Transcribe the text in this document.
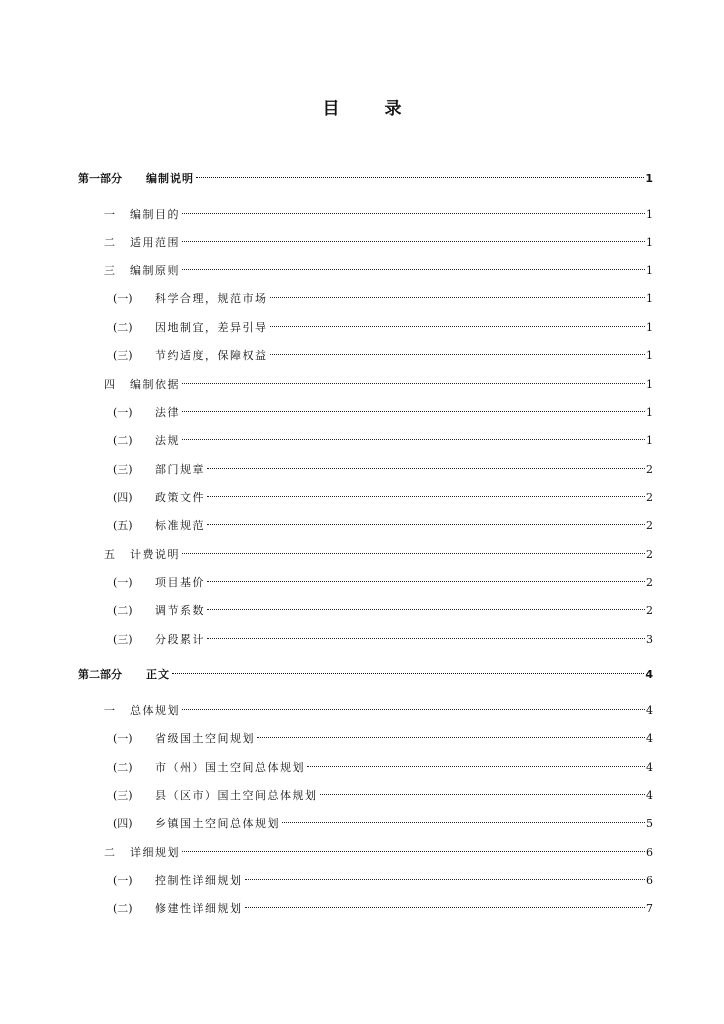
目　录
第一部分	编制说明	1
一	编制目的	1
二	适用范围	1
三	编制原则	1
(一)	科学合理，规范市场	1
(二)	因地制宜，差异引导	1
(三)	节约适度，保障权益	1
四	编制依据	1
(一)	法律	1
(二)	法规	1
(三)	部门规章	2
(四)	政策文件	2
(五)	标准规范	2
五	计费说明	2
(一)	项目基价	2
(二)	调节系数	2
(三)	分段累计	3
第二部分	正文	4
一	总体规划	4
(一)	省级国土空间规划	4
(二)	市（州）国土空间总体规划	4
(三)	县（区市）国土空间总体规划	4
(四)	乡镇国土空间总体规划	5
二	详细规划	6
(一)	控制性详细规划	6
(二)	修建性详细规划	7
